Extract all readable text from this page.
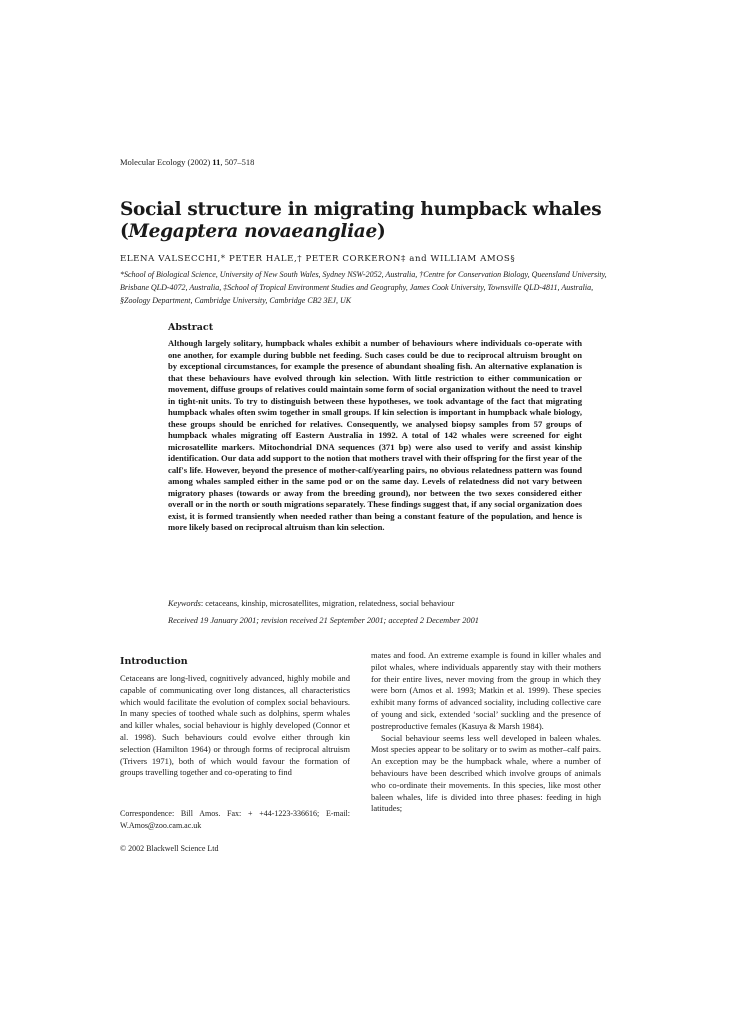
Molecular Ecology (2002) 11, 507–518
Social structure in migrating humpback whales
(Megaptera novaeangliae)
ELENA VALSECCHI,* PETER HALE,† PETER CORKERON‡ and WILLIAM AMOS§
*School of Biological Science, University of New South Wales, Sydney NSW-2052, Australia, †Centre for Conservation Biology, Queensland University, Brisbane QLD-4072, Australia, ‡School of Tropical Environment Studies and Geography, James Cook University, Townsville QLD-4811, Australia, §Zoology Department, Cambridge University, Cambridge CB2 3EJ, UK
Abstract
Although largely solitary, humpback whales exhibit a number of behaviours where individuals co-operate with one another, for example during bubble net feeding. Such cases could be due to reciprocal altruism brought on by exceptional circumstances, for example the presence of abundant shoaling fish. An alternative explanation is that these behaviours have evolved through kin selection. With little restriction to either communication or movement, diffuse groups of relatives could maintain some form of social organization without the need to travel in tight-nit units. To try to distinguish between these hypotheses, we took advantage of the fact that migrating humpback whales often swim together in small groups. If kin selection is important in humpback whale biology, these groups should be enriched for relatives. Consequently, we analysed biopsy samples from 57 groups of humpback whales migrating off Eastern Australia in 1992. A total of 142 whales were screened for eight microsatellite markers. Mitochondrial DNA sequences (371 bp) were also used to verify and assist kinship identification. Our data add support to the notion that mothers travel with their offspring for the first year of the calf's life. However, beyond the presence of mother-calf/yearling pairs, no obvious relatedness pattern was found among whales sampled either in the same pod or on the same day. Levels of relatedness did not vary between migratory phases (towards or away from the breeding ground), nor between the two sexes considered either overall or in the north or south migrations separately. These findings suggest that, if any social organization does exist, it is formed transiently when needed rather than being a constant feature of the population, and hence is more likely based on reciprocal altruism than kin selection.
Keywords: cetaceans, kinship, microsatellites, migration, relatedness, social behaviour
Received 19 January 2001; revision received 21 September 2001; accepted 2 December 2001
Introduction

Cetaceans are long-lived, cognitively advanced, highly mobile and capable of communicating over long distances, all characteristics which would facilitate the evolution of complex social behaviours. In many species of toothed whale such as dolphins, sperm whales and killer whales, social behaviour is highly developed (Connor et al. 1998). Such behaviours could evolve either through kin selection (Hamilton 1964) or through forms of reciprocal altruism (Trivers 1971), both of which would favour the formation of groups travelling together and co-operating to find

mates and food. An extreme example is found in killer whales and pilot whales, where individuals apparently stay with their mothers for their entire lives, never moving from the group in which they were born (Amos et al. 1993; Matkin et al. 1999). These species exhibit many forms of advanced sociality, including collective care of young and sick, extended ‘social’ suckling and the presence of postreproductive females (Kasuya & Marsh 1984).

Social behaviour seems less well developed in baleen whales. Most species appear to be solitary or to swim as mother–calf pairs. An exception may be the humpback whale, where a number of behaviours have been described which involve groups of animals who co-ordinate their movements. In this species, like most other baleen whales, life is divided into three phases: feeding in high latitudes;

Correspondence: Bill Amos. Fax: + +44-1223-336616; E-mail: W.Amos@zoo.cam.ac.uk
© 2002 Blackwell Science Ltd
